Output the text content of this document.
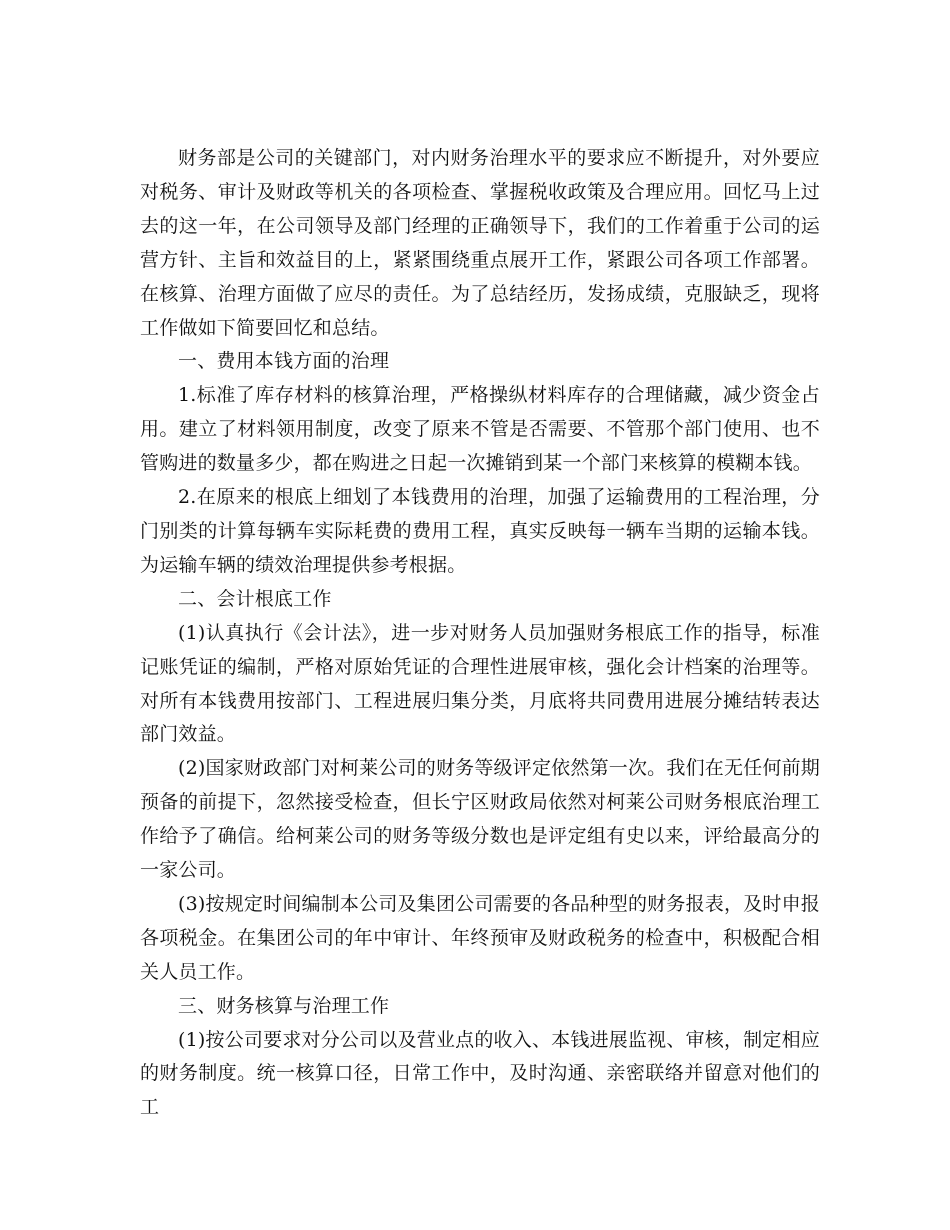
财务部是公司的关键部门，对内财务治理水平的要求应不断提升，对外要应对税务、审计及财政等机关的各项检查、掌握税收政策及合理应用。回忆马上过去的这一年，在公司领导及部门经理的正确领导下，我们的工作着重于公司的运营方针、主旨和效益目的上，紧紧围绕重点展开工作，紧跟公司各项工作部署。在核算、治理方面做了应尽的责任。为了总结经历，发扬成绩，克服缺乏，现将工作做如下简要回忆和总结。

一、费用本钱方面的治理

1.标准了库存材料的核算治理，严格操纵材料库存的合理储藏，减少资金占用。建立了材料领用制度，改变了原来不管是否需要、不管那个部门使用、也不管购进的数量多少，都在购进之日起一次摊销到某一个部门来核算的模糊本钱。

2.在原来的根底上细划了本钱费用的治理，加强了运输费用的工程治理，分门别类的计算每辆车实际耗费的费用工程，真实反映每一辆车当期的运输本钱。为运输车辆的绩效治理提供参考根据。

二、会计根底工作

(1)认真执行《会计法》，进一步对财务人员加强财务根底工作的指导，标准记账凭证的编制，严格对原始凭证的合理性进展审核，强化会计档案的治理等。对所有本钱费用按部门、工程进展归集分类，月底将共同费用进展分摊结转表达部门效益。

(2)国家财政部门对柯莱公司的财务等级评定依然第一次。我们在无任何前期预备的前提下，忽然接受检查，但长宁区财政局依然对柯莱公司财务根底治理工作给予了确信。给柯莱公司的财务等级分数也是评定组有史以来，评给最高分的一家公司。

(3)按规定时间编制本公司及集团公司需要的各品种型的财务报表，及时申报各项税金。在集团公司的年中审计、年终预审及财政税务的检查中，积极配合相关人员工作。

三、财务核算与治理工作

(1)按公司要求对分公司以及营业点的收入、本钱进展监视、审核，制定相应的财务制度。统一核算口径，日常工作中，及时沟通、亲密联络并留意对他们的工
